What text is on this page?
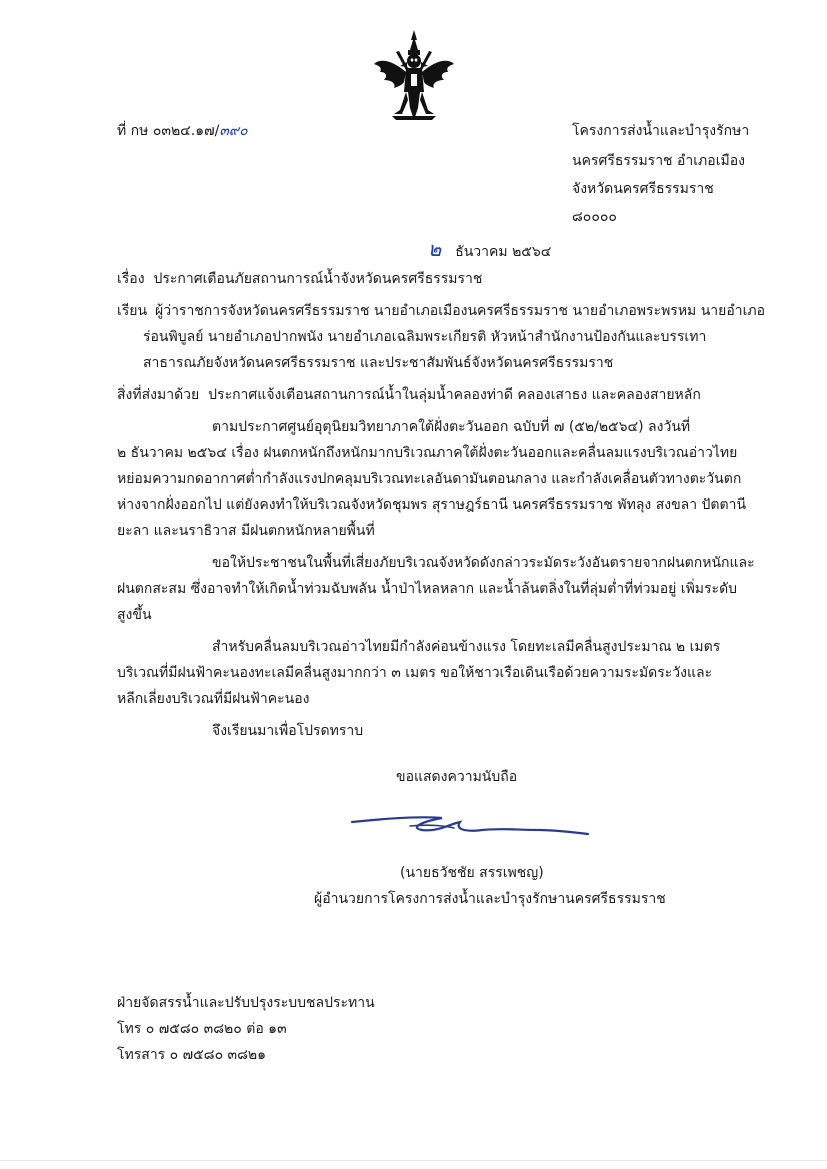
ที่ กษ ๐๓๒๔.๑๗/๓๙๐	โครงการส่งน้ำและบำรุงรักษา
นครศรีธรรมราช อำเภอเมือง
จังหวัดนครศรีธรรมราช
๘๐๐๐๐
๒ ธันวาคม ๒๕๖๔
เรื่อง ประกาศเตือนภัยสถานการณ์น้ำจังหวัดนครศรีธรรมราช
เรียน ผู้ว่าราชการจังหวัดนครศรีธรรมราช นายอำเภอเมืองนครศรีธรรมราช นายอำเภอพระพรหม นายอำเภอ
ร่อนพิบูลย์ นายอำเภอปากพนัง นายอำเภอเฉลิมพระเกียรติ หัวหน้าสำนักงานป้องกันและบรรเทา
สาธารณภัยจังหวัดนครศรีธรรมราช และประชาสัมพันธ์จังหวัดนครศรีธรรมราช
สิ่งที่ส่งมาด้วย ประกาศแจ้งเตือนสถานการณ์น้ำในลุ่มน้ำคลองท่าดี คลองเสาธง และคลองสายหลัก
ตามประกาศศูนย์อุตุนิยมวิทยาภาคใต้ฝั่งตะวันออก ฉบับที่ ๗ (๕๒/๒๕๖๔) ลงวันที่
๒ ธันวาคม ๒๕๖๔ เรื่อง ฝนตกหนักถึงหนักมากบริเวณภาคใต้ฝั่งตะวันออกและคลื่นลมแรงบริเวณอ่าวไทย
หย่อมความกดอากาศต่ำกำลังแรงปกคลุมบริเวณทะเลอันดามันตอนกลาง และกำลังเคลื่อนตัวทางตะวันตก
ห่างจากฝั่งออกไป แต่ยังคงทำให้บริเวณจังหวัดชุมพร สุราษฎร์ธานี นครศรีธรรมราช พัทลุง สงขลา ปัตตานี
ยะลา และนราธิวาส มีฝนตกหนักหลายพื้นที่
ขอให้ประชาชนในพื้นที่เสี่ยงภัยบริเวณจังหวัดดังกล่าวระมัดระวังอันตรายจากฝนตกหนักและ
ฝนตกสะสม ซึ่งอาจทำให้เกิดน้ำท่วมฉับพลัน น้ำป่าไหลหลาก และน้ำล้นตลิ่งในที่ลุ่มต่ำที่ท่วมอยู่ เพิ่มระดับ
สูงขึ้น
สำหรับคลื่นลมบริเวณอ่าวไทยมีกำลังค่อนข้างแรง โดยทะเลมีคลื่นสูงประมาณ ๒ เมตร
บริเวณที่มีฝนฟ้าคะนองทะเลมีคลื่นสูงมากกว่า ๓ เมตร ขอให้ชาวเรือเดินเรือด้วยความระมัดระวังและ
หลีกเลี่ยงบริเวณที่มีฝนฟ้าคะนอง
จึงเรียนมาเพื่อโปรดทราบ
ขอแสดงความนับถือ
(นายธวัชชัย สรรเพชญ)
ผู้อำนวยการโครงการส่งน้ำและบำรุงรักษานครศรีธรรมราช
ฝ่ายจัดสรรน้ำและปรับปรุงระบบชลประทาน
โทร ๐ ๗๕๘๐ ๓๘๒๐ ต่อ ๑๓
โทรสาร ๐ ๗๕๘๐ ๓๘๒๑
